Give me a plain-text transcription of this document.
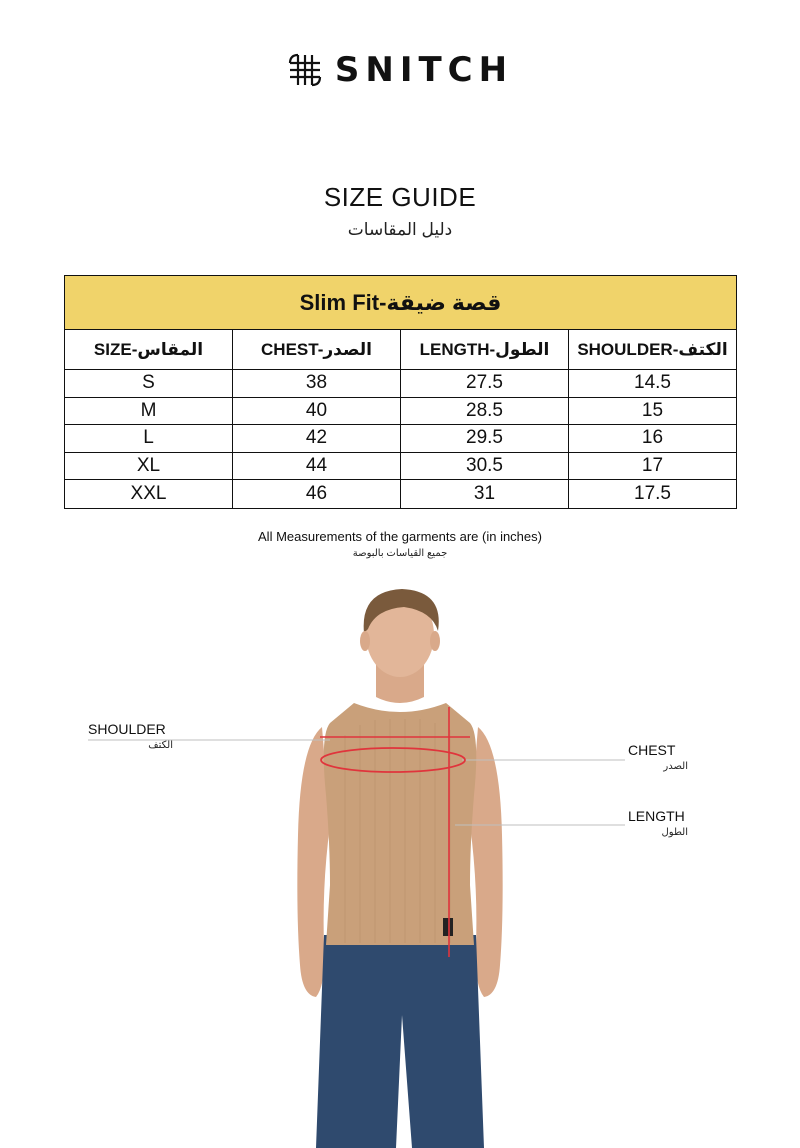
SNITCH
SIZE GUIDE
دليل المقاسات
Slim Fit-قصة ضيقة
SIZE-المقاس	CHEST-الصدر	LENGTH-الطول	SHOULDER-الكتف
S	38	27.5	14.5
M	40	28.5	15
L	42	29.5	16
XL	44	30.5	17
XXL	46	31	17.5
All Measurements of the garments are (in inches)
جميع القياسات بالبوصة
SHOULDER
الكتف	CHEST
الصدر
LENGTH
الطول
